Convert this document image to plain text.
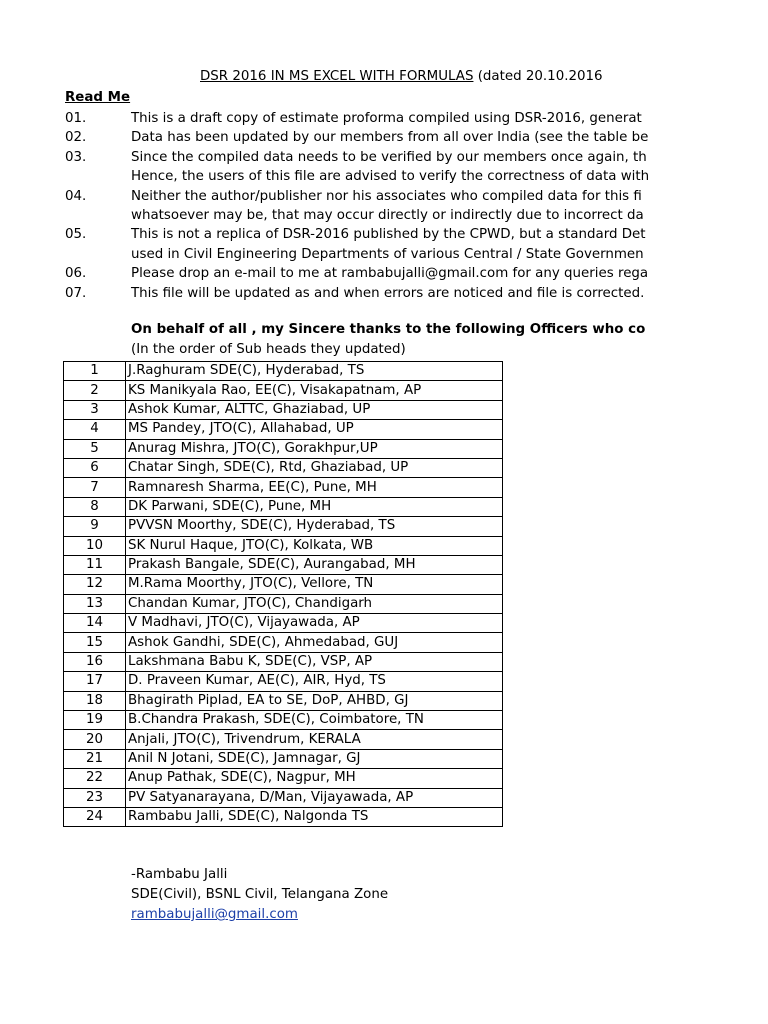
DSR 2016 IN MS EXCEL WITH FORMULAS (dated 20.10.2016
Read Me
01.	This is a draft copy of estimate proforma compiled using DSR-2016, generat
02.	Data has been updated by our members from all over India (see the table be
03.	Since the compiled data needs to be verified by our members once again, th
Hence, the users of this file are advised to verify the correctness of data with
04.	Neither the author/publisher nor his associates who compiled data for this fi
whatsoever may be, that may occur directly or indirectly due to incorrect da
05.	This is not a replica of DSR-2016 published by the CPWD, but a standard Det
used in Civil Engineering Departments of various Central / State Governmen
06.	Please drop an e-mail to me at rambabujalli@gmail.com for any queries rega
07.	This file will be updated as and when errors are noticed and file is corrected.
On behalf of all , my Sincere thanks to the following Officers who co
(In the order of Sub heads they updated)
1	J.Raghuram SDE(C), Hyderabad, TS
2	KS Manikyala Rao, EE(C), Visakapatnam, AP
3	Ashok Kumar, ALTTC, Ghaziabad, UP
4	MS Pandey, JTO(C), Allahabad, UP
5	Anurag Mishra, JTO(C), Gorakhpur,UP
6	Chatar Singh, SDE(C), Rtd, Ghaziabad, UP
7	Ramnaresh Sharma, EE(C), Pune, MH
8	DK Parwani, SDE(C), Pune, MH
9	PVVSN Moorthy, SDE(C), Hyderabad, TS
10	SK Nurul Haque, JTO(C), Kolkata, WB
11	Prakash Bangale, SDE(C), Aurangabad, MH
12	M.Rama Moorthy, JTO(C), Vellore, TN
13	Chandan Kumar, JTO(C), Chandigarh
14	V Madhavi, JTO(C), Vijayawada, AP
15	Ashok Gandhi, SDE(C), Ahmedabad, GUJ
16	Lakshmana Babu K, SDE(C), VSP, AP
17	D. Praveen Kumar, AE(C), AIR, Hyd, TS
18	Bhagirath Piplad, EA to SE, DoP, AHBD, GJ
19	B.Chandra Prakash, SDE(C), Coimbatore, TN
20	Anjali, JTO(C), Trivendrum, KERALA
21	Anil N Jotani, SDE(C), Jamnagar, GJ
22	Anup Pathak, SDE(C), Nagpur, MH
23	PV Satyanarayana, D/Man, Vijayawada, AP
24	Rambabu Jalli, SDE(C), Nalgonda TS
-Rambabu Jalli
SDE(Civil), BSNL Civil, Telangana Zone
rambabujalli@gmail.com
